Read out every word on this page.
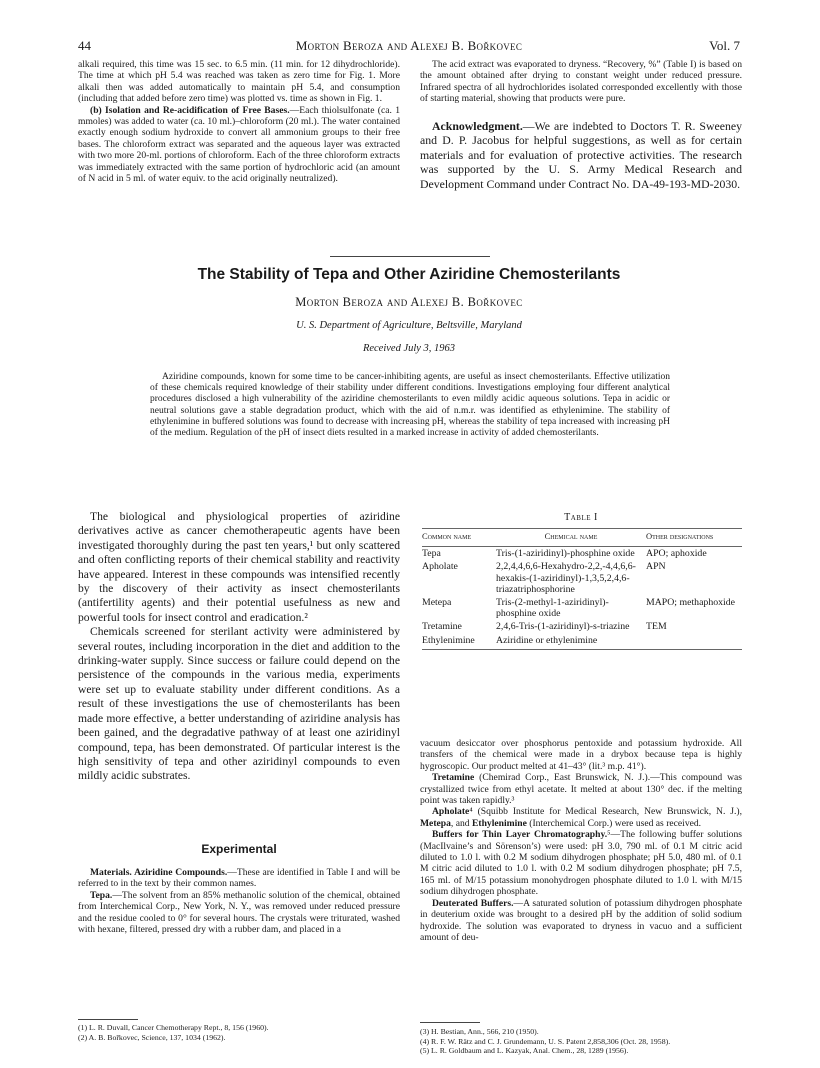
44	Morton Beroza and Alexej B. Bořkovec	Vol. 7

alkali required, this time was 15 sec. to 6.5 min. (11 min. for 12 dihydrochloride). The time at which pH 5.4 was reached was taken as zero time for Fig. 1. More alkali then was added automatically to maintain pH 5.4, and consumption (including that added before zero time) was plotted vs. time as shown in Fig. 1.

(b) Isolation and Re-acidification of Free Bases.—Each thiolsulfonate (ca. 1 mmoles) was added to water (ca. 10 ml.)–chloroform (20 ml.). The water contained exactly enough sodium hydroxide to convert all ammonium groups to their free bases. The chloroform extract was separated and the aqueous layer was extracted with two more 20-ml. portions of chloroform. Each of the three chloroform extracts was immediately extracted with the same portion of hydrochloric acid (an amount of N acid in 5 ml. of water equiv. to the acid originally neutralized).

The acid extract was evaporated to dryness. “Recovery, %” (Table I) is based on the amount obtained after drying to constant weight under reduced pressure. Infrared spectra of all hydrochlorides isolated corresponded excellently with those of starting material, showing that products were pure.

Acknowledgment.—We are indebted to Doctors T. R. Sweeney and D. P. Jacobus for helpful suggestions, as well as for certain materials and for evaluation of protective activities. The research was supported by the U. S. Army Medical Research and Development Command under Contract No. DA-49-193-MD-2030.

The Stability of Tepa and Other Aziridine Chemosterilants
Morton Beroza and Alexej B. Bořkovec
U. S. Department of Agriculture, Beltsville, Maryland
Received July 3, 1963
Aziridine compounds, known for some time to be cancer-inhibiting agents, are useful as insect chemosterilants. Effective utilization of these chemicals required knowledge of their stability under different conditions. Investigations employing four different analytical procedures disclosed a high vulnerability of the aziridine chemosterilants to even mildly acidic aqueous solutions. Tepa in acidic or neutral solutions gave a stable degradation product, which with the aid of n.m.r. was identified as ethylenimine. The stability of ethylenimine in buffered solutions was found to decrease with increasing pH, whereas the stability of tepa increased with increasing pH of the medium. Regulation of the pH of insect diets resulted in a marked increase in activity of added chemosterilants.

The biological and physiological properties of aziridine derivatives active as cancer chemotherapeutic agents have been investigated thoroughly during the past ten years,¹ but only scattered and often conflicting reports of their chemical stability and reactivity have appeared. Interest in these compounds was intensified recently by the discovery of their activity as insect chemosterilants (antifertility agents) and their potential usefulness as new and powerful tools for insect control and eradication.²

Chemicals screened for sterilant activity were administered by several routes, including incorporation in the diet and addition to the drinking-water supply. Since success or failure could depend on the persistence of the compounds in the various media, experiments were set up to evaluate stability under different conditions. As a result of these investigations the use of chemosterilants has been made more effective, a better understanding of aziridine analysis has been gained, and the degradative pathway of at least one aziridinyl compound, tepa, has been demonstrated. Of particular interest is the high sensitivity of tepa and other aziridinyl compounds to even mildly acidic substrates.

Experimental

Materials. Aziridine Compounds.—These are identified in Table I and will be referred to in the text by their common names.

Tepa.—The solvent from an 85% methanolic solution of the chemical, obtained from Interchemical Corp., New York, N. Y., was removed under reduced pressure and the residue cooled to 0° for several hours. The crystals were triturated, washed with hexane, filtered, pressed dry with a rubber dam, and placed in a

(1) L. R. Duvall, Cancer Chemotherapy Rept., 8, 156 (1960).
(2) A. B. Bořkovec, Science, 137, 1034 (1962).
Table I
Common name	Chemical name	Other designations
Tepa	Tris-(1-aziridinyl)-phosphine oxide	APO; aphoxide
Apholate	2,2,4,4,6,6-Hexahydro-2,2,-4,4,6,6-hexakis-(1-aziridinyl)-1,3,5,2,4,6-triazatriphosphorine	APN
Metepa	Tris-(2-methyl-1-aziridinyl)-phosphine oxide	MAPO; methaphoxide
Tretamine	2,4,6-Tris-(1-aziridinyl)-s-triazine	TEM
Ethylenimine	Aziridine or ethylenimine	

vacuum desiccator over phosphorus pentoxide and potassium hydroxide. All transfers of the chemical were made in a drybox because tepa is highly hygroscopic. Our product melted at 41–43° (lit.³ m.p. 41°).

Tretamine (Chemirad Corp., East Brunswick, N. J.).—This compound was crystallized twice from ethyl acetate. It melted at about 130° dec. if the melting point was taken rapidly.³

Apholate⁴ (Squibb Institute for Medical Research, New Brunswick, N. J.), Metepa, and Ethylenimine (Interchemical Corp.) were used as received.

Buffers for Thin Layer Chromatography.⁵—The following buffer solutions (MacIlvaine’s and Sörenson’s) were used: pH 3.0, 790 ml. of 0.1 M citric acid diluted to 1.0 l. with 0.2 M sodium dihydrogen phosphate; pH 5.0, 480 ml. of 0.1 M citric acid diluted to 1.0 l. with 0.2 M sodium dihydrogen phosphate; pH 7.5, 165 ml. of M/15 potassium monohydrogen phosphate diluted to 1.0 l. with M/15 sodium dihydrogen phosphate.

Deuterated Buffers.—A saturated solution of potassium dihydrogen phosphate in deuterium oxide was brought to a desired pH by the addition of solid sodium hydroxide. The solution was evaporated to dryness in vacuo and a sufficient amount of deu-

(3) H. Bestian, Ann., 566, 210 (1950).
(4) R. F. W. Rätz and C. J. Grundemann, U. S. Patent 2,858,306 (Oct. 28, 1958).
(5) L. R. Goldbaum and L. Kazyak, Anal. Chem., 28, 1289 (1956).
